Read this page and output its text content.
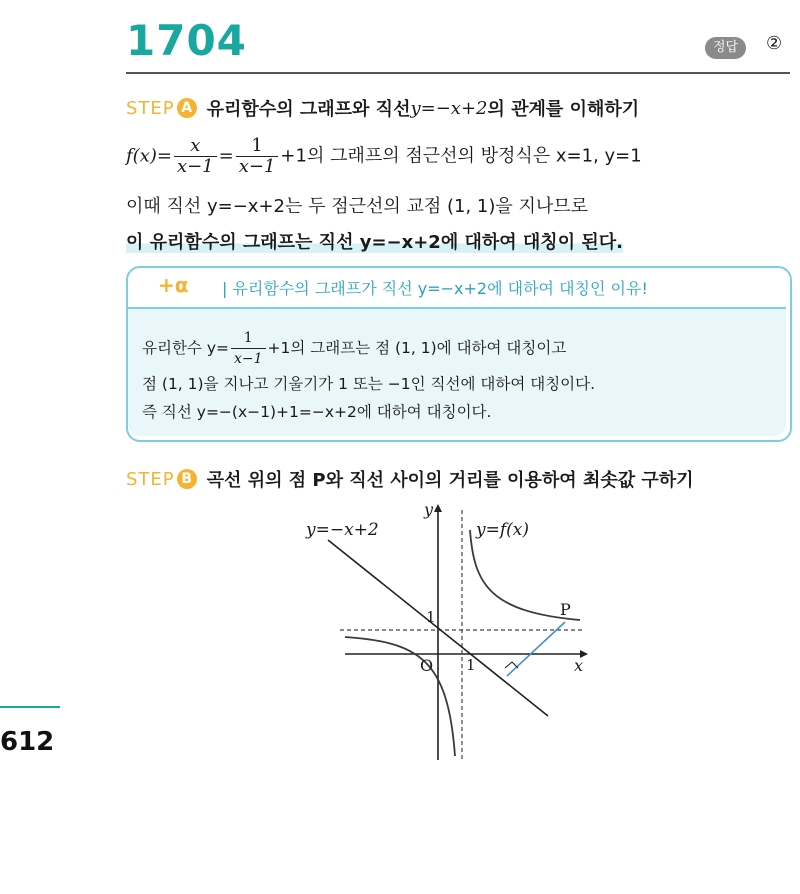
1704	정답	②
STEP A 유리함수의 그래프와 직선 y=−x+2 의 관계를 이해하기
$f(x)= \frac{x}{x-1} = \frac{1}{x-1} +1$의 그래프의 점근선의 방정식은 x=1, y=1
이때 직선 y=−x+2는 두 점근선의 교점 (1, 1)을 지나므로
이 유리함수의 그래프는 직선 y=−x+2에 대하여 대칭이 된다.
+α | 유리함수의 그래프가 직선 y=−x+2에 대하여 대칭인 이유!
유리한수 $y= \frac{1}{x-1} +1$의 그래프는 점 (1, 1)에 대하여 대칭이고
점 (1, 1)을 지나고 기울기가 1 또는 −1인 직선에 대하여 대칭이다.
즉 직선 y=−(x−1)+1=−x+2에 대하여 대칭이다.
STEP B 곡선 위의 점 P와 직선 사이의 거리를 이용하여 최솟값 구하기
y=−x+2	y=f(x)
y
x
O
1
1
P
612
